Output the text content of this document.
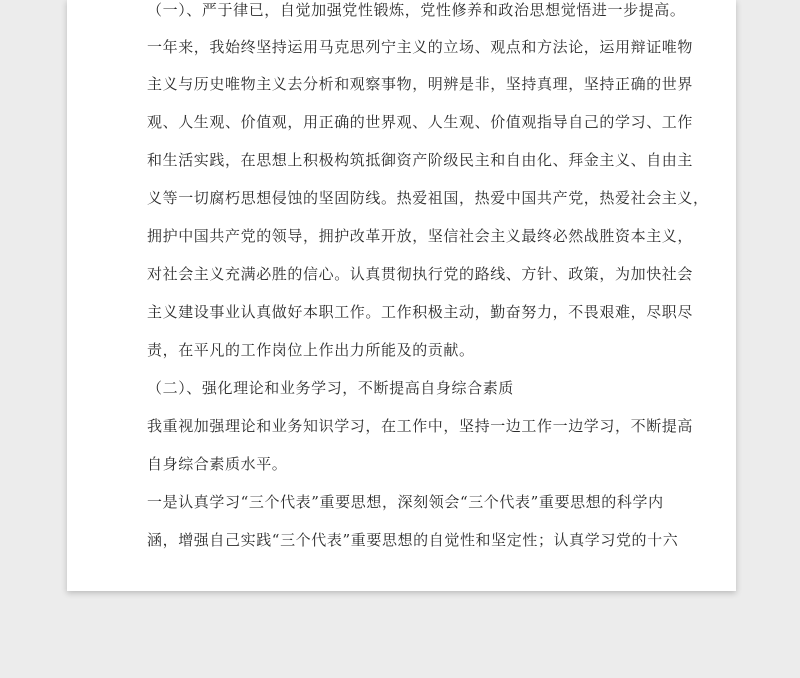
（一）、严于律已，自觉加强党性锻炼，党性修养和政治思想觉悟进一步提高。
一年来，我始终坚持运用马克思列宁主义的立场、观点和方法论，运用辩证唯物
主义与历史唯物主义去分析和观察事物，明辨是非，坚持真理，坚持正确的世界
观、人生观、价值观，用正确的世界观、人生观、价值观指导自己的学习、工作
和生活实践，在思想上积极构筑抵御资产阶级民主和自由化、拜金主义、自由主
义等一切腐朽思想侵蚀的坚固防线。热爱祖国，热爱中国共产党，热爱社会主义，
拥护中国共产党的领导，拥护改革开放，坚信社会主义最终必然战胜资本主义，
对社会主义充满必胜的信心。认真贯彻执行党的路线、方针、政策，为加快社会
主义建设事业认真做好本职工作。工作积极主动，勤奋努力，不畏艰难，尽职尽
责，在平凡的工作岗位上作出力所能及的贡献。
（二）、强化理论和业务学习，不断提高自身综合素质
我重视加强理论和业务知识学习，在工作中，坚持一边工作一边学习，不断提高
自身综合素质水平。
一是认真学习“三个代表”重要思想，深刻领会“三个代表”重要思想的科学内
涵，增强自己实践“三个代表”重要思想的自觉性和坚定性；认真学习党的十六
